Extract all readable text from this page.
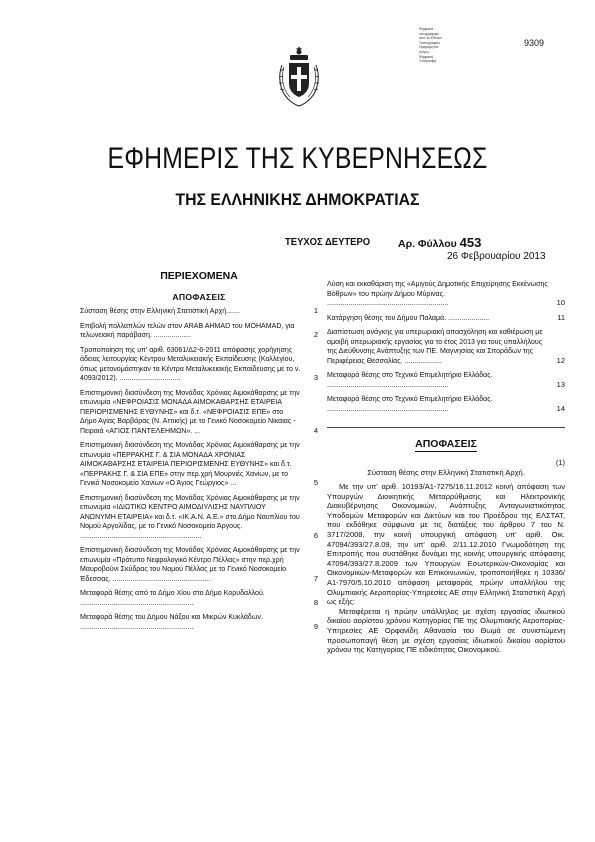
Ψηφιακά
υπογράφηκε
από το Εθνικό
Τυπογραφείο
Ημερομηνία:
Λόγος:
Ψηφιακή
Υπογραφή
9309
ΕΦΗΜΕΡΙΣ ΤΗΣ ΚΥΒΕΡΝΗΣΕΩΣ
ΤΗΣ ΕΛΛΗΝΙΚΗΣ ΔΗΜΟΚΡΑΤΙΑΣ
ΤΕΥΧΟΣ ΔΕΥΤΕΡΟ	Αρ. Φύλλου 453
26 Φεβρουαρίου 2013
ΠΕΡΙΕΧΟΜΕΝΑ
ΑΠΟΦΑΣΕΙΣ
Σύσταση θέσης στην Ελληνική Στατιστική Αρχή.......	1
Επιβολή πολλαπλών τελών στον ARAB AHMAD του MOHAMAD, για τελωνειακή παράβαση. ...................	2
Τροποποίηση της υπ' αριθ. 63061/Δ2-6-2011 απόφασης χορήγησης άδειας λειτουργίας Κέντρου Μεταλυκειακής Εκπαίδευσης (Κολλεγίου, όπως μετονομάστηκαν τα Κέντρα Μεταλυκειακής Εκπαίδευσης με το ν. 4093/2012). ...............................	3
Επιστημονική διασύνδεση της Μονάδας Χρόνιας Αιμοκάθαρσης με την επωνυμία «ΝΕΦΡΟΙΑΣΙΣ ΜΟΝΑΔΑ ΑΙΜΟΚΑΘΑΡΣΗΣ ΕΤΑΙΡΕΙΑ ΠΕΡΙΟΡΙΣΜΕΝΗΣ ΕΥΘΥΝΗΣ» και δ.τ. «ΝΕΦΡΟΙΑΣΙΣ ΕΠΕ» στο Δήμο Αγίας Βαρβάρας (Ν. Αττικής) με το Γενικό Νοσοκομείο Νίκαιας - Πειραιά «ΑΓΙΟΣ ΠΑΝΤΕΛΕΗΜΩΝ». ...	4
Επιστημονική διασύνδεση της Μονάδας Χρόνιας Αιμοκάθαρσης με την επωνυμία «ΠΕΡΡΑΚΗΣ Γ. & ΣΙΑ ΜΟΝΑΔΑ ΧΡΟΝΙΑΣ ΑΙΜΟΚΑΘΑΡΣΗΣ ΕΤΑΙΡΕΙΑ ΠΕΡΙΟΡΙΣΜΕΝΗΣ ΕΥΘΥΝΗΣ» και δ.τ. «ΠΕΡΡΑΚΗΣ Γ. & ΣΙΑ ΕΠΕ» στην περ.χρή Μουρνιές Χανίων, με το Γενικό Νοσοκομείο Χανίων «Ο Άγιος Γεώργιος» ...	5
Επιστημονική διασύνδεση της Μονάδας Χρόνιας Αιμοκάθαρσης με την επωνυμία «ΙΔΙΩΤΙΚΟ ΚΕΝΤΡΟ ΑΙΜΟΔΙΥΛΙΣΗΣ ΝΑΥΠΛΙΟΥ ΑΝΩΝΥΜΗ ΕΤΑΙΡΕΙΑ» και δ.τ. «ΙΚ.Α.Ν. Α.Ε.» στο Δήμο Ναυπλίου του Νομού Αργολίδας, με το Γενικό Νοσοκομείο Άργους. ..............................................................	6
Επιστημονική διασύνδεση της Μονάδας Χρόνιας Αιμοκάθαρσης με την επωνυμία «Πρότυπο Νεφρολογικό Κέντρο Πέλλας» στην περ.χρή Μαυροβούνι Σκύδρας του Νομού Πέλλας με το Γενικό Νοσοκομείο Έδεσσας. ..................................................	7
Μεταφορά θέσης από το Δήμο Χίου στο Δήμο Κορυδαλλού. ..........................................................	8
Μεταφορά θέσης του Δήμου Νάξου και Μικρών Κυκλάδων. ..........................................................	9
Λύση και εκκαθάριση της «Αμιγούς Δημοτικής Επιχείρησης Εκκένωσης Βόθρων» του πρώην Δήμου Μύρινας. ..............................................................	10
Κατάργηση θέσης του Δήμου Παλαμά. .....................	11
Διαπίστωση ανάγκης για υπερωριακή απασχόληση και καθιέρωση με αμοιβή υπερωριακής εργασίας για το έτος 2013 για τους υπαλλήλους της Διεύθυνσης Ανάπτυξης των ΠΕ. Μαγνησίας και Σποράδων της Περιφέρειας Θεσσαλίας. ...................	12
Μεταφορά θέσης στο Τεχνικό Επιμελητήριο Ελλάδας. ..............................................................	13
Μεταφορά θέσης στο Τεχνικό Επιμελητήριο Ελλάδας. ..............................................................	14
ΑΠΟΦΑΣΕΙΣ
(1)
Σύσταση θέσης στην Ελληνική Στατιστική Αρχή.

Με την υπ' αριθ. 10193/Α1-7275/16.11.2012 κοινή απόφαση των Υπουργών Διοικητικής Μεταρρύθμισης και Ηλεκτρονικής Διακυβέρνησης Οικονομικών, Ανάπτυξης Ανταγωνιστικότητας Υποδομών Μεταφορών και Δικτύων και του Προέδρου της ΕΛΣΤΑΤ, που εκδόθηκε σύμφωνα με τις διατάξεις του άρθρου 7 του Ν. 3717/2008, την κοινή υπουργική απόφαση υπ' αριθ. Οικ. 47094/393/27.8.09, την υπ' αριθ. 2/11.12.2010 Γνωμοδότηση της Επιτροπής που συστάθηκε δυνάμει της κοινής υπουργικής απόφασης 47094/393/27.8.2009 των Υπουργών Εσωτερικών-Οικονομίας και Οικονομικών-Μεταφορών και Επικοινωνιών, τροποποιήθηκε η 10336/Α1-7970/5.10.2010 απόφαση μεταφοράς πρώην υπαλλήλου της Ολυμπιακής Αεροπορίας-Υπηρεσίες ΑΕ στην Ελληνική Στατιστική Αρχή ως εξής:

Μεταφέρεται η πρώην υπάλληλος με σχέση εργασίας ιδιωτικού δικαίου αορίστου χρόνου Κατηγορίας ΠΕ της Ολυμπιακής Αεροπορίας-Υπηρεσίες ΑΕ Ορφανίδη Αθανασία του Θωμά σε συνιστώμενη προσωποπαγή θέση με σχέση εργασίας ιδιωτικού δικαίου αορίστου χρόνου της Κατηγορίας ΠΕ ειδικότητας Οικονομικού.
